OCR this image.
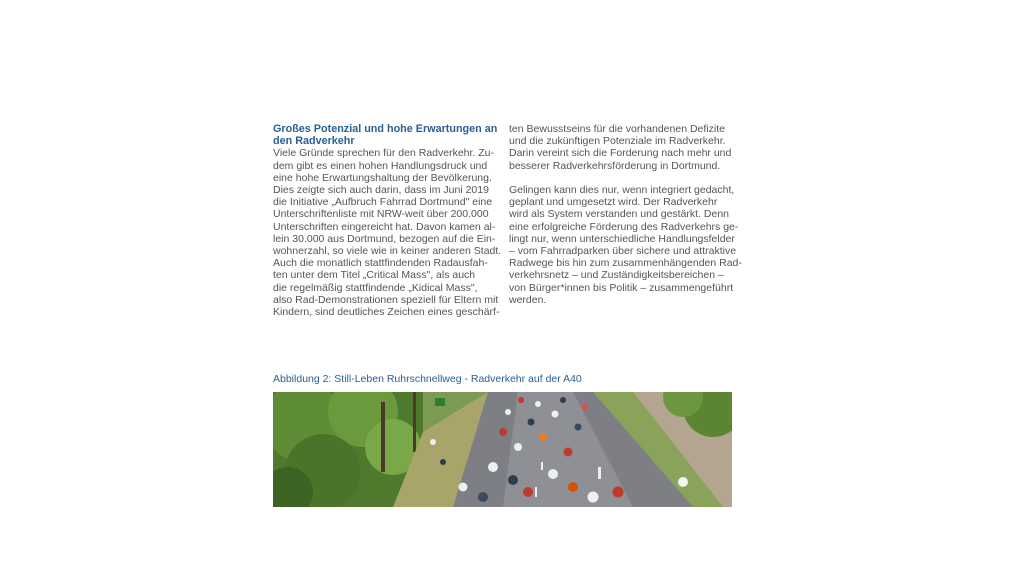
Großes Potenzial und hohe Erwartungen an
den Radverkehr
Viele Gründe sprechen für den Radverkehr. Zu-
dem gibt es einen hohen Handlungsdruck und
eine hohe Erwartungshaltung der Bevölkerung.
Dies zeigte sich auch darin, dass im Juni 2019
die Initiative „Aufbruch Fahrrad Dortmund" eine
Unterschriftenliste mit NRW-weit über 200.000
Unterschriften eingereicht hat. Davon kamen al-
lein 30.000 aus Dortmund, bezogen auf die Ein-
wohnerzahl, so viele wie in keiner anderen Stadt.
Auch die monatlich stattfindenden Radausfah-
ten unter dem Titel „Critical Mass", als auch
die regelmäßig stattfindende „Kidical Mass",
also Rad-Demonstrationen speziell für Eltern mit
Kindern, sind deutliches Zeichen eines geschärf-
ten Bewusstseins für die vorhandenen Defizite
und die zukünftigen Potenziale im Radverkehr.
Darin vereint sich die Forderung nach mehr und
besserer Radverkehrsförderung in Dortmund.
Gelingen kann dies nur, wenn integriert gedacht,
geplant und umgesetzt wird. Der Radverkehr
wird als System verstanden und gestärkt. Denn
eine erfolgreiche Förderung des Radverkehrs ge-
lingt nur, wenn unterschiedliche Handlungsfelder
– vom Fahrradparken über sichere und attraktive
Radwege bis hin zum zusammenhängenden Rad-
verkehrsnetz – und Zuständigkeitsbereichen –
von Bürger*innen bis Politik – zusammengeführt
werden.
Abbildung 2: Still-Leben Ruhrschnellweg - Radverkehr auf der A40
